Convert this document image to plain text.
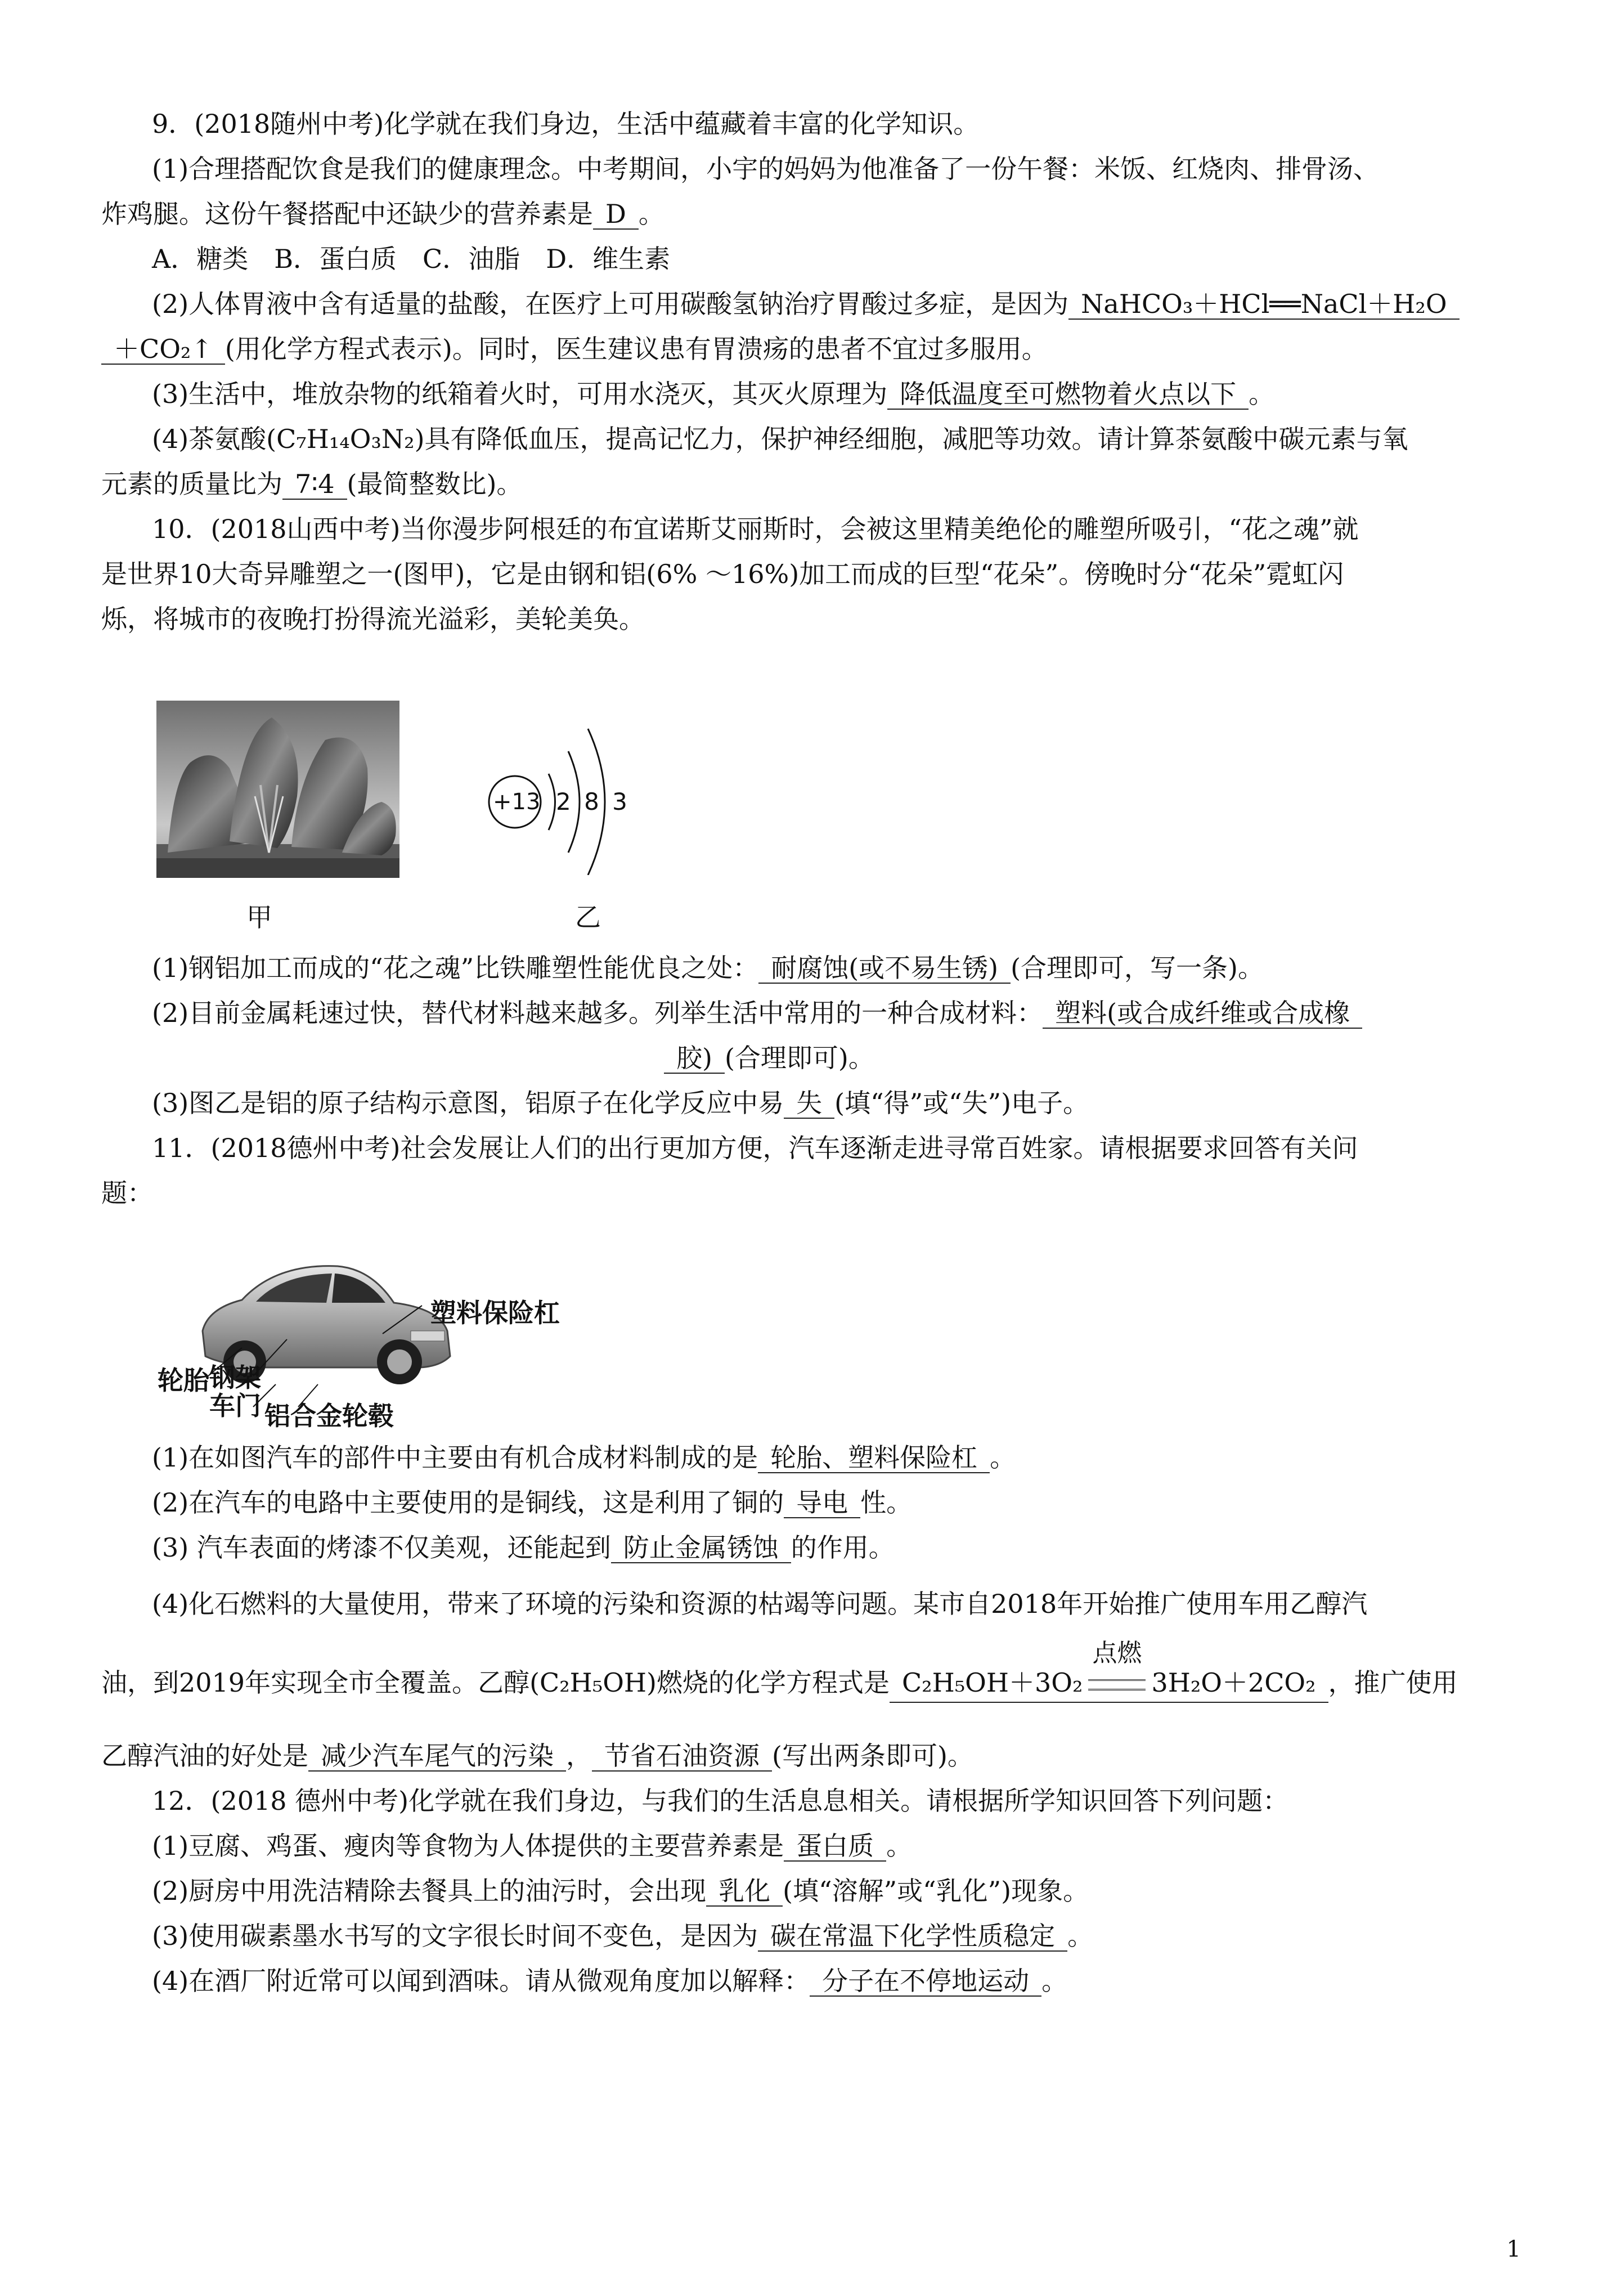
9．(2018随州中考)化学就在我们身边，生活中蕴藏着丰富的化学知识。
(1)合理搭配饮食是我们的健康理念。中考期间，小宇的妈妈为他准备了一份午餐：米饭、红烧肉、排骨汤、
炸鸡腿。这份午餐搭配中还缺少的营养素是 D 。
A．糖类　B．蛋白质　C．油脂　D．维生素
(2)人体胃液中含有适量的盐酸，在医疗上可用碳酸氢钠治疗胃酸过多症，是因为 NaHCO₃＋HCl══NaCl＋H₂O
＋CO₂↑ (用化学方程式表示)。同时，医生建议患有胃溃疡的患者不宜过多服用。
(3)生活中，堆放杂物的纸箱着火时，可用水浇灭，其灭火原理为 降低温度至可燃物着火点以下 。
(4)茶氨酸(C₇H₁₄O₃N₂)具有降低血压，提高记忆力，保护神经细胞，减肥等功效。请计算茶氨酸中碳元素与氧
元素的质量比为 7∶4 (最简整数比)。
10．(2018山西中考)当你漫步阿根廷的布宜诺斯艾丽斯时，会被这里精美绝伦的雕塑所吸引，“花之魂”就
是世界10大奇异雕塑之一(图甲)，它是由钢和铝(6% ～16%)加工而成的巨型“花朵”。傍晚时分“花朵”霓虹闪
烁，将城市的夜晚打扮得流光溢彩，美轮美奂。
甲
+13 2 8 3
乙
(1)钢铝加工而成的“花之魂”比铁雕塑性能优良之处： 耐腐蚀(或不易生锈) (合理即可，写一条)。
(2)目前金属耗速过快，替代材料越来越多。列举生活中常用的一种合成材料： 塑料(或合成纤维或合成橡
胶) (合理即可)。
(3)图乙是铝的原子结构示意图，铝原子在化学反应中易 失 (填“得”或“失”)电子。
11．(2018德州中考)社会发展让人们的出行更加方便，汽车逐渐走进寻常百姓家。请根据要求回答有关问
题：
塑料保险杠
轮胎 钢架
车门 铝合金轮毂
(1)在如图汽车的部件中主要由有机合成材料制成的是 轮胎、塑料保险杠 。
(2)在汽车的电路中主要使用的是铜线，这是利用了铜的 导电 性。
(3) 汽车表面的烤漆不仅美观，还能起到 防止金属锈蚀 的作用。
(4)化石燃料的大量使用，带来了环境的污染和资源的枯竭等问题。某市自2018年开始推广使用车用乙醇汽
油，到2019年实现全市全覆盖。乙醇(C₂H₅OH)燃烧的化学方程式是 C₂H₅OH＋3O₂
点燃
3H₂O＋2CO₂ ，推广使用
乙醇汽油的好处是 减少汽车尾气的污染 ， 节省石油资源 (写出两条即可)。
12．(2018 德州中考)化学就在我们身边，与我们的生活息息相关。请根据所学知识回答下列问题：
(1)豆腐、鸡蛋、瘦肉等食物为人体提供的主要营养素是 蛋白质 。
(2)厨房中用洗洁精除去餐具上的油污时，会出现 乳化 (填“溶解”或“乳化”)现象。
(3)使用碳素墨水书写的文字很长时间不变色，是因为 碳在常温下化学性质稳定 。
(4)在酒厂附近常可以闻到酒味。请从微观角度加以解释： 分子在不停地运动 。
1
